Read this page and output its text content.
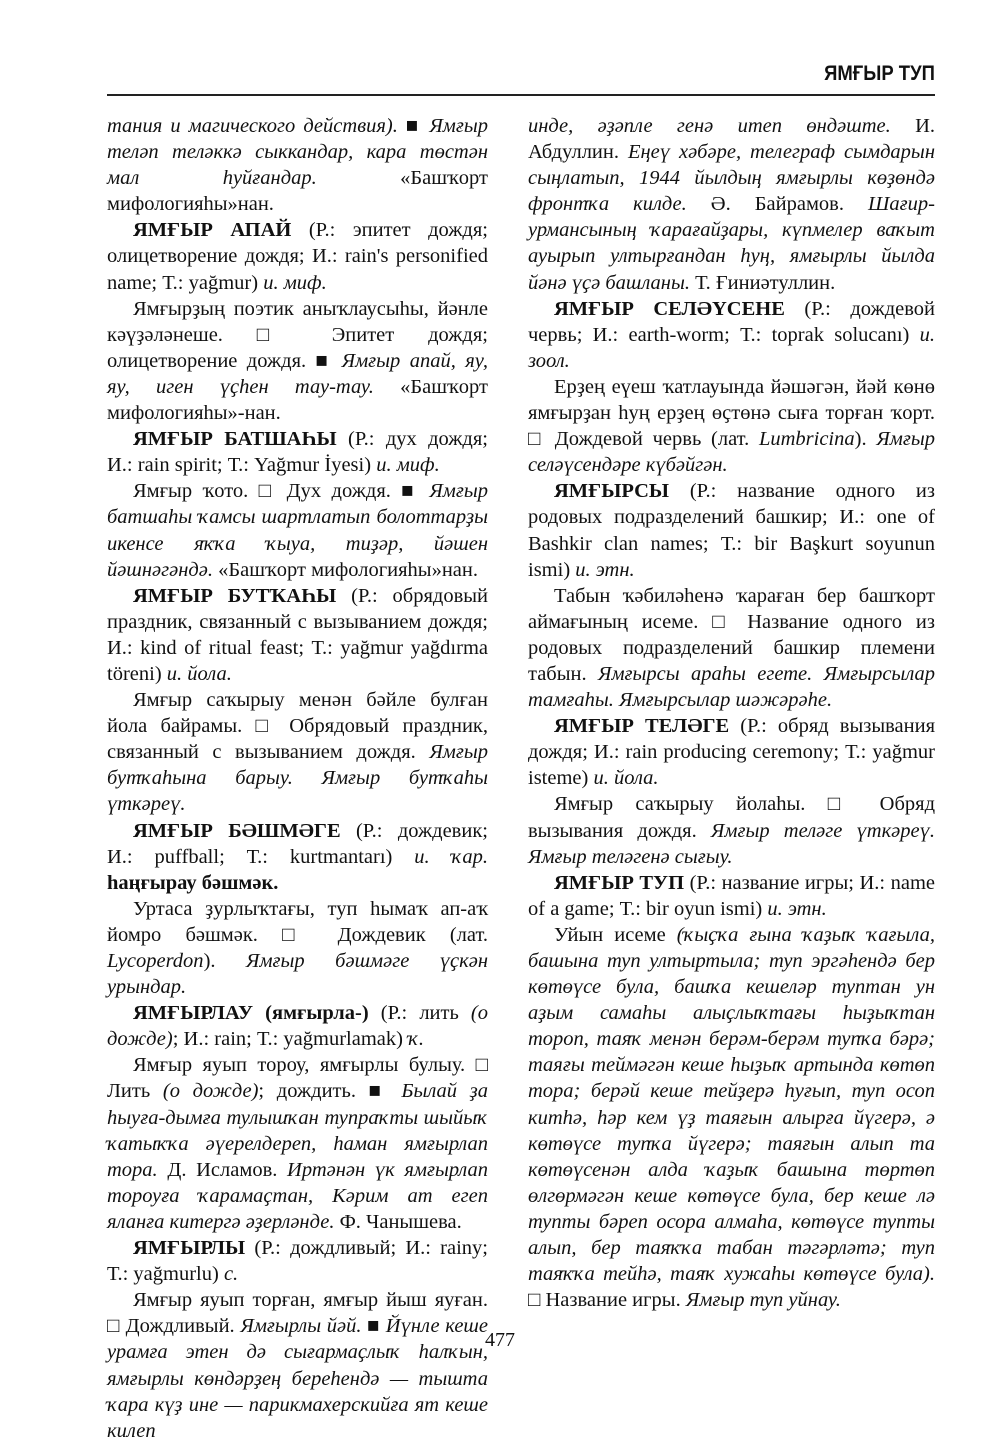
ЯМҒЫР ТУП

тания и магического действия). ■ Ямғыр теләп теләккә сыккандар, кара төстән мал һуйғандар. «Башҡорт мифологияһы»нан.

ЯМҒЫР АПАЙ (Р.: эпитет дождя; олицетворение дождя; И.: rain's personified name; Т.: yağmur) и. миф.

Ямғырҙың поэтик аныҡлаусыһы, йәнле кәүҙәләнеше. □ Эпитет дождя; олицетворение дождя. ■ Ямғыр апай, яу, яу, иген үҫһен тау-тау. «Башҡорт мифологияһы»-нан.

ЯМҒЫР БАТШАҺЫ (Р.: дух дождя; И.: rain spirit; Т.: Yağmur İyesi) и. миф.

Ямғыр ҡото. □ Дух дождя. ■ Ямғыр батшаһы ҡамсы шартлатып болоттарҙы икенсе яҡҡа ҡыуа, тиҙәр, йәшен йәшнәгәндә. «Башҡорт мифологияһы»нан.

ЯМҒЫР БУТҠАҺЫ (Р.: обрядовый праздник, связанный с вызыванием дождя; И.: kind of ritual feast; Т.: yağmur yağdırma töreni) и. йола.

Ямғыр саҡырыу менән бәйле булған йола байрамы. □ Обрядовый праздник, связанный с вызыванием дождя. Ямғыр бутҡаһына барыу. Ямғыр бутҡаһы үткәреү.

ЯМҒЫР БӘШМӘГЕ (Р.: дождевик; И.: puffball; Т.: kurtmantarı) и. ҡар. һаңғырау бәшмәк.

Уртаса ҙурлыҡтағы, туп һымаҡ ап-аҡ йомро бәшмәк. □ Дождевик (лат. Lycoperdon). Ямғыр бәшмәге үҫкән урындар.

ЯМҒЫРЛАУ (ямғырла-) (Р.: лить (о дожде); И.: rain; Т.: yağmurlamak) ҡ.

Ямғыр яуып тороу, ямғырлы булыу. □ Лить (о дожде); дождить. ■ Былай ҙа һыуға-дымға тулышҡан тупраҡты шыйыҡ ҡатыҡҡа әүерелдереп, һаман ямғырлап тора. Д. Исламов. Иртәнән үк ямғырлап тороуға ҡарамаҫтан, Кәрим ат егеп яланға китергә әҙерләнде. Ф. Чанышева.

ЯМҒЫРЛЫ (Р.: дождливый; И.: rainy; Т.: yağmurlu) с.

Ямғыр яуып торған, ямғыр йыш яуған. □ Дождливый. Ямғырлы йәй. ■ Йүнле кеше урамға этен дә сығармаҫлыҡ һалҡын, ямғырлы көндәрҙең береһендә — тышта ҡара күҙ ине — парикмахерскийға ят кеше килеп

инде, әҙәпле генә итеп өндәште. И. Абдуллин. Еңеү хәбәре, телеграф сымдарын сыңлатып, 1944 йылдың ямғырлы көҙөндә фронтҡа килде. Ә. Байрамов. Шағир-урмансының ҡарағайҙары, күпмелер ваҡыт ауырып ултырғандан һуң, ямғырлы йылда йәнә үҫә башланы. Т. Ғиниәтуллин.

ЯМҒЫР СЕЛӘҮСЕНЕ (Р.: дождевой червь; И.: earth-worm; Т.: toprak solucanı) и. зоол.

Ерҙең еүеш ҡатлауында йәшәгән, йәй көнө ямғырҙан һуң ерҙең өҫтөнә сыға торған ҡорт. □ Дождевой червь (лат. Lumbricina). Ямғыр селәүсендәре күбәйгән.

ЯМҒЫРСЫ (Р.: название одного из родовых подразделений башкир; И.: one of Bashkir clan names; Т.: bir Başkurt soyunun ismi) и. этн.

Табын ҡәбиләһенә ҡараған бер башҡорт аймағының исеме. □ Название одного из родовых подразделений башкир племени табын. Ямғырсы араһы егете. Ямғырсылар тамғаһы. Ямғырсылар шәжәрәһе.

ЯМҒЫР ТЕЛӘГЕ (Р.: обряд вызывания дождя; И.: rain producing ceremony; Т.: yağmur isteme) и. йола.

Ямғыр саҡырыу йолаһы. □ Обряд вызывания дождя. Ямғыр теләге үткәреү. Ямғыр теләгенә сығыу.

ЯМҒЫР ТУП (Р.: название игры; И.: name of a game; Т.: bir oyun ismi) и. этн.

Уйын исеме (ҡыҫҡа ғына ҡаҙыҡ ҡағыла, башына туп ултыртыла; туп эргәһендә бер көтөүсе була, башҡа кешеләр туптан ун аҙым самаһы алыҫлыҡтағы һыҙыҡтан тороп, таяҡ менән берәм-берәм тупҡа бәрә; таяғы теймәгән кеше һыҙыҡ артында көтөп тора; берәй кеше тейҙерә һуғып, туп осоп китһә, һәр кем үҙ таяғын алырға йүгерә, ә көтөүсе тупҡа йүгерә; таяғын алып та көтөүсенән алда ҡаҙыҡ башына төртөп өлгөрмәгән кеше көтөүсе була, бер кеше лә тупты бәреп осора алмаһа, көтөүсе тупты алып, бер таяҡҡа табан тәгәрләтә; туп таяҡҡа тейһә, таяҡ хужаһы көтөүсе була). □ Название игры. Ямғыр туп уйнау.

477
